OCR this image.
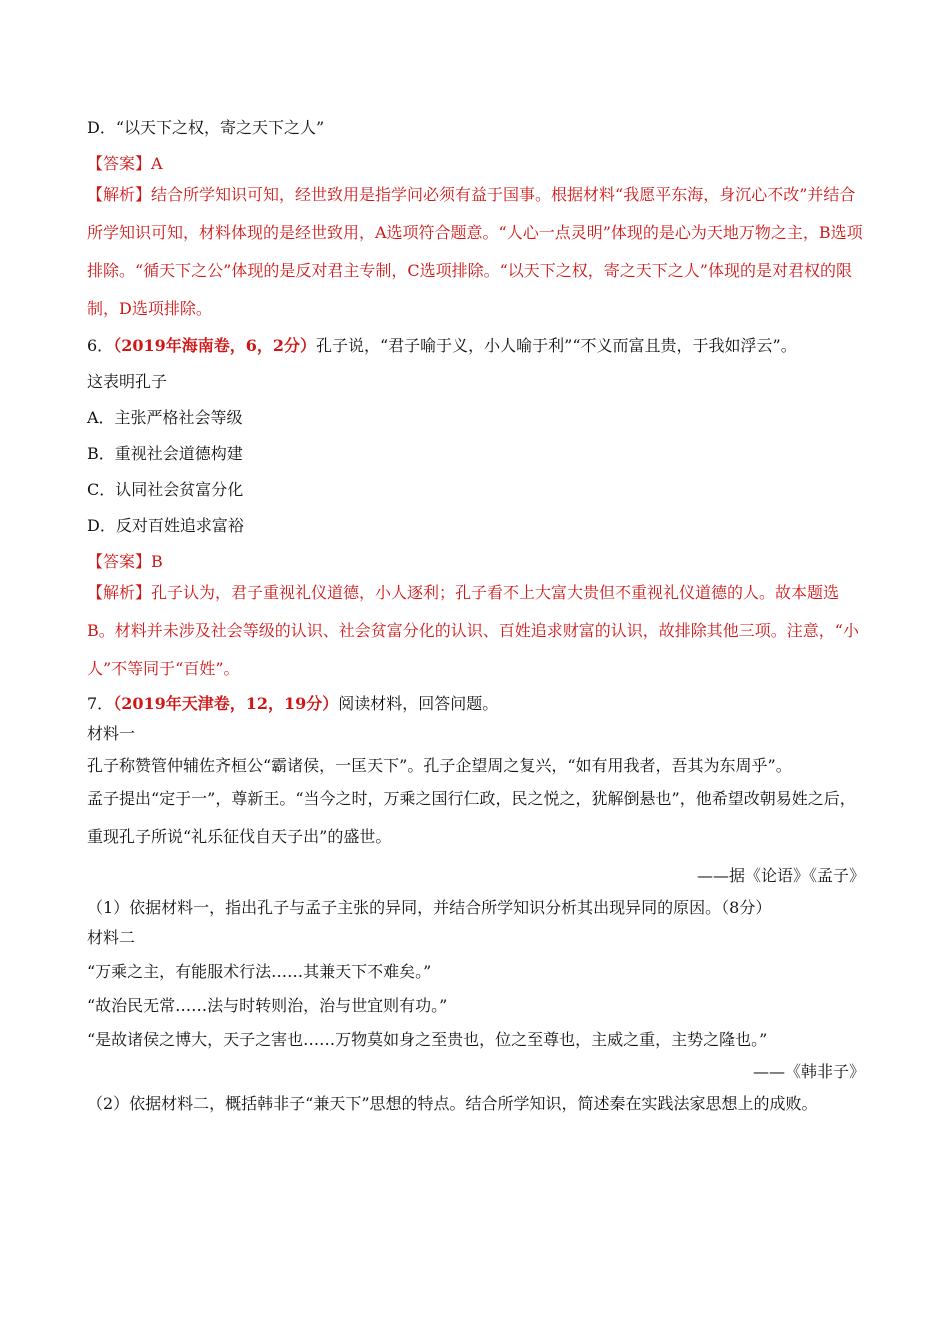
D．“以天下之权，寄之天下之人”

【答案】A

【解析】结合所学知识可知，经世致用是指学问必须有益于国事。根据材料“我愿平东海，身沉心不改”并结合所学知识可知，材料体现的是经世致用，A选项符合题意。“人心一点灵明”体现的是心为天地万物之主，B选项排除。“循天下之公”体现的是反对君主专制，C选项排除。“以天下之权，寄之天下之人”体现的是对君权的限制，D选项排除。

6．（2019年海南卷，6，2分）孔子说，“君子喻于义，小人喻于利”“不义而富且贵，于我如浮云”。

这表明孔子

A．主张严格社会等级

B．重视社会道德构建

C．认同社会贫富分化

D．反对百姓追求富裕

【答案】B

【解析】孔子认为，君子重视礼仪道德，小人逐利；孔子看不上大富大贵但不重视礼仪道德的人。故本题选B。材料并未涉及社会等级的认识、社会贫富分化的认识、百姓追求财富的认识，故排除其他三项。注意，“小人”不等同于“百姓”。

7．（2019年天津卷，12，19分）阅读材料，回答问题。

材料一

孔子称赞管仲辅佐齐桓公“霸诸侯，一匡天下”。孔子企望周之复兴，“如有用我者，吾其为东周乎”。

孟子提出“定于一”，尊新王。“当今之时，万乘之国行仁政，民之悦之，犹解倒悬也”，他希望改朝易姓之后，重现孔子所说“礼乐征伐自天子出”的盛世。

——据《论语》《孟子》

（1）依据材料一，指出孔子与孟子主张的异同，并结合所学知识分析其出现异同的原因。（8分）

材料二

“万乘之主，有能服术行法……其兼天下不难矣。”

“故治民无常……法与时转则治，治与世宜则有功。”

“是故诸侯之博大，天子之害也……万物莫如身之至贵也，位之至尊也，主威之重，主势之隆也。”

——《韩非子》

（2）依据材料二，概括韩非子“兼天下”思想的特点。结合所学知识，简述秦在实践法家思想上的成败。
